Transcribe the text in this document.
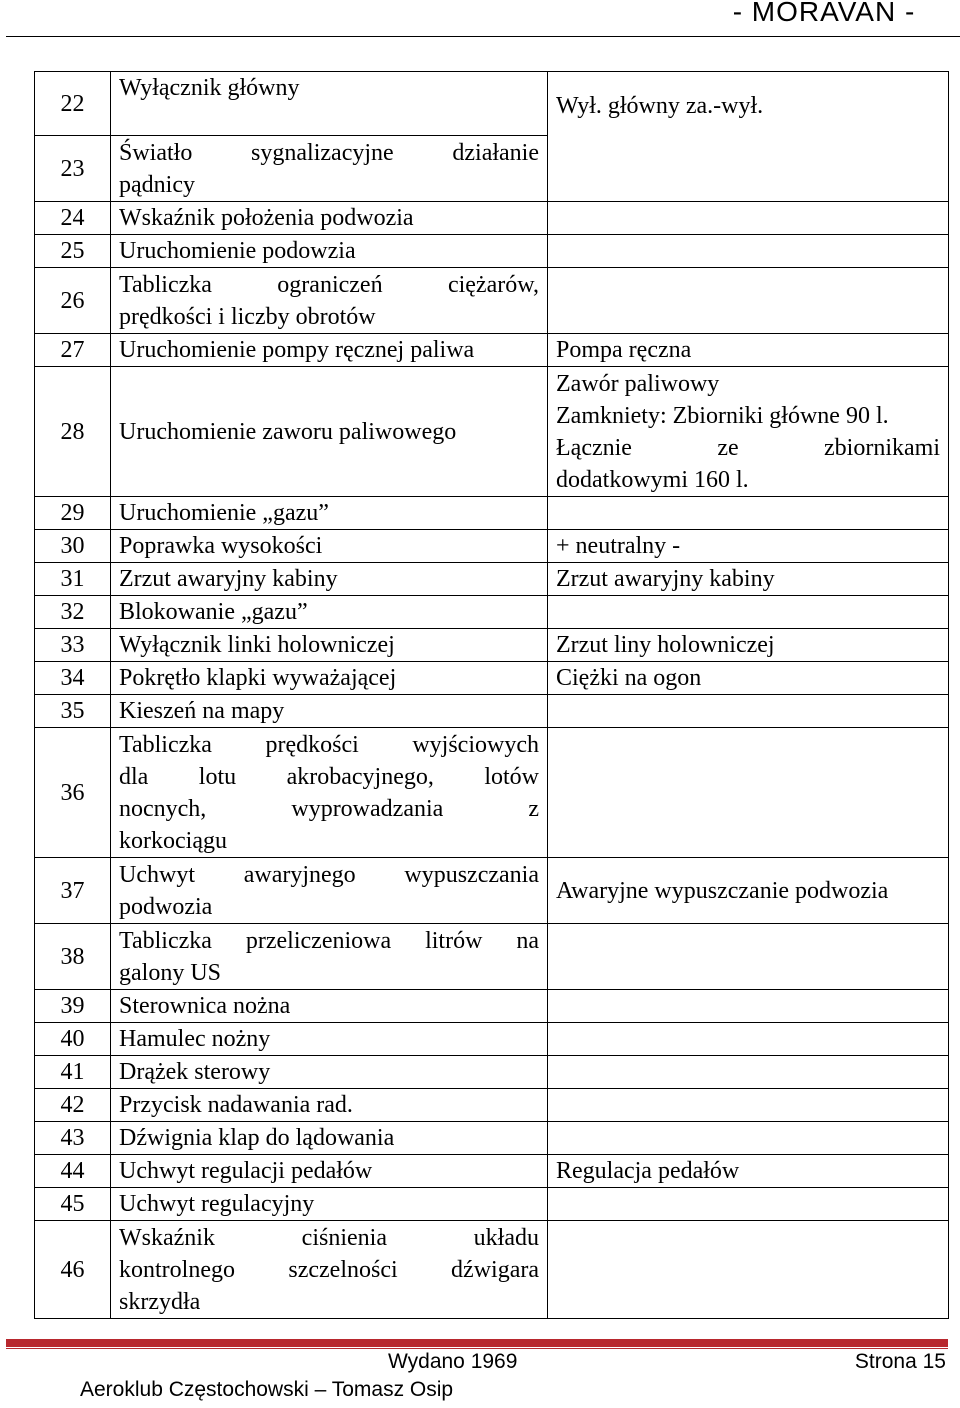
- MORAVAN -
22	Wyłącznik główny	Wył. główny za.-wył.

23	Światło sygnalizacyjne działanie
pądnicy	

24	Wskaźnik położenia podwozia	
25	Uruchomienie podowzia	
26	Tabliczka ograniczeń ciężarów,
prędkości i liczby obrotów	

27	Uruchomienie pompy ręcznej paliwa	Pompa ręczna

28	Uruchomienie zaworu paliwowego	Zawór paliwowy
Zamkniety: Zbiorniki główne 90 l.
Łącznie ze zbiornikami
dodatkowymi 160 l.

29	Uruchomienie „gazu”	
30	Poprawka wysokości	+ neutralny -

31	Zrzut awaryjny kabiny	Zrzut awaryjny kabiny

32	Blokowanie „gazu”	
33	Wyłącznik linki holowniczej	Zrzut liny holowniczej

34	Pokrętło klapki wyważającej	Ciężki na ogon

35	Kieszeń na mapy	
36	Tabliczka prędkości wyjściowych
dla lotu akrobacyjnego, lotów
nocnych, wyprowadzania z
korkociągu	

37	Uchwyt awaryjnego wypuszczania
podwozia	Awaryjne wypuszczanie podwozia

38	Tabliczka przeliczeniowa litrów na
galony US	

39	Sterownica nożna	
40	Hamulec nożny	
41	Drążek sterowy	
42	Przycisk nadawania rad.	
43	Dźwignia klap do lądowania	
44	Uchwyt regulacji pedałów	Regulacja pedałów

45	Uchwyt regulacyjny	
46	Wskaźnik ciśnienia układu
kontrolnego szczelności dźwigara
skrzydła	

Wydano 1969	Strona 15
Aeroklub Częstochowski – Tomasz Osip
